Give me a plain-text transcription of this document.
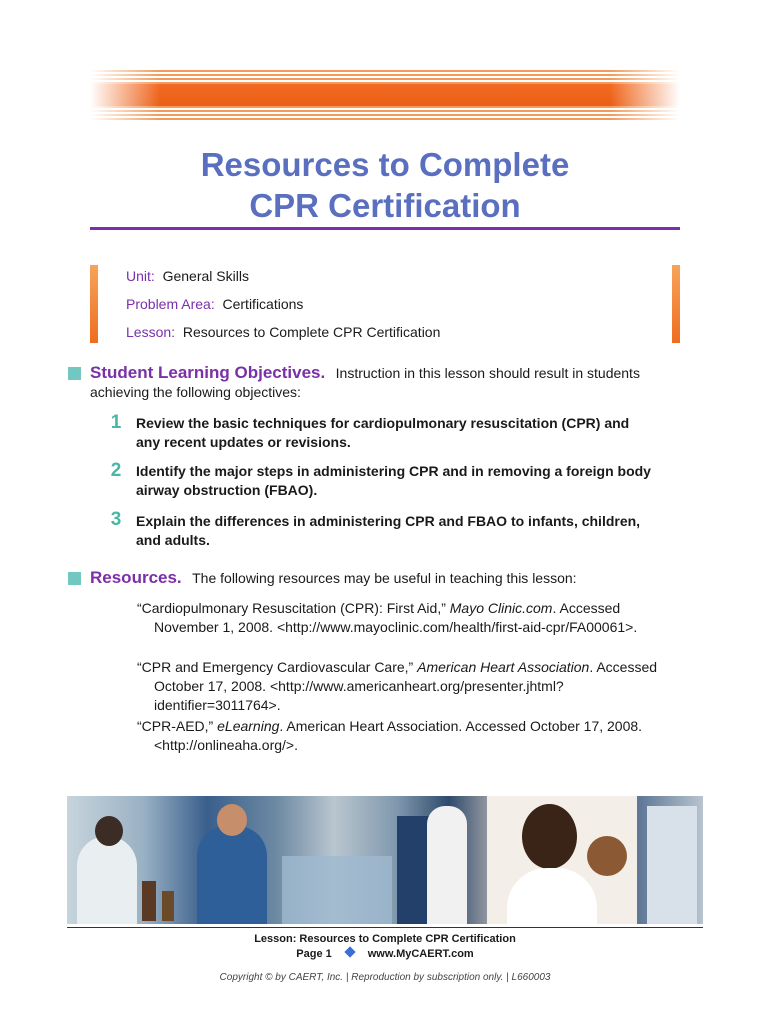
Resources to Complete
CPR Certification
Unit: General Skills
Problem Area: Certifications
Lesson: Resources to Complete CPR Certification
Student Learning Objectives. Instruction in this lesson should result in students
achieving the following objectives:
1	Review the basic techniques for cardiopulmonary resuscitation (CPR) and
any recent updates or revisions.
2	Identify the major steps in administering CPR and in removing a foreign body
airway obstruction (FBAO).
3	Explain the differences in administering CPR and FBAO to infants, children,
and adults.
Resources. The following resources may be useful in teaching this lesson:
“Cardiopulmonary Resuscitation (CPR): First Aid,” Mayo Clinic.com. Accessed November 1, 2008. <http://www.mayoclinic.com/health/first-aid-cpr/FA00061>.
“CPR and Emergency Cardiovascular Care,” American Heart Association. Accessed October 17, 2008. <http://www.americanheart.org/presenter.jhtml?identifier=3011764>.
“CPR-AED,” eLearning. American Heart Association. Accessed October 17, 2008. <http://onlineaha.org/>.
Lesson: Resources to Complete CPR Certification
Page 1	www.MyCAERT.com
Copyright © by CAERT, Inc. | Reproduction by subscription only. | L660003
